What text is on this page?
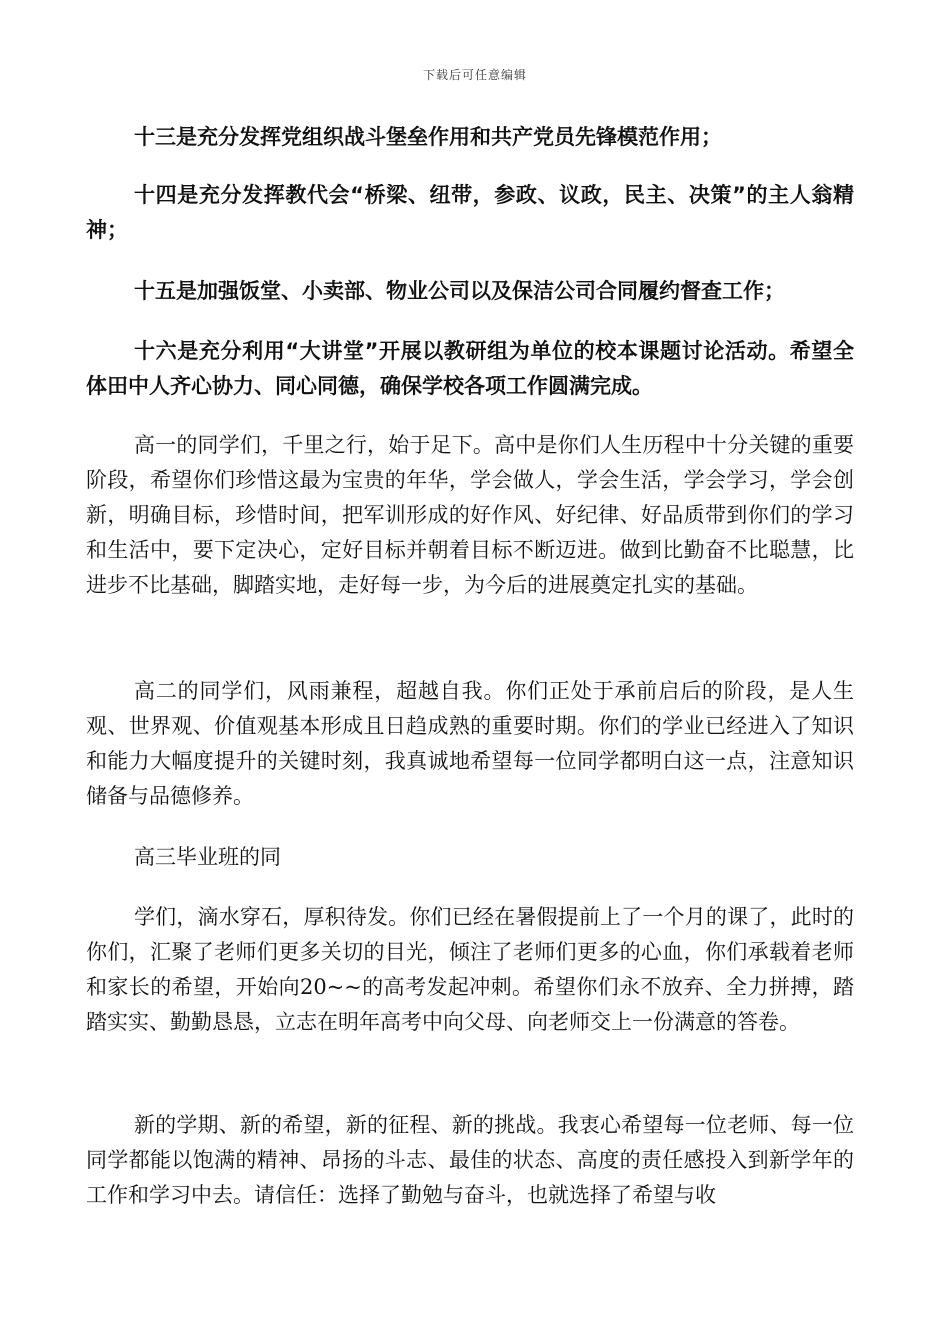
下载后可任意编辑

十三是充分发挥党组织战斗堡垒作用和共产党员先锋模范作用；

十四是充分发挥教代会“桥梁、纽带，参政、议政，民主、决策”的主人翁精神；

十五是加强饭堂、小卖部、物业公司以及保洁公司合同履约督查工作；

十六是充分利用“大讲堂”开展以教研组为单位的校本课题讨论活动。希望全体田中人齐心协力、同心同德，确保学校各项工作圆满完成。

高一的同学们，千里之行，始于足下。高中是你们人生历程中十分关键的重要阶段，希望你们珍惜这最为宝贵的年华，学会做人，学会生活，学会学习，学会创新，明确目标，珍惜时间，把军训形成的好作风、好纪律、好品质带到你们的学习和生活中，要下定决心，定好目标并朝着目标不断迈进。做到比勤奋不比聪慧，比进步不比基础，脚踏实地，走好每一步，为今后的进展奠定扎实的基础。

高二的同学们，风雨兼程，超越自我。你们正处于承前启后的阶段，是人生观、世界观、价值观基本形成且日趋成熟的重要时期。你们的学业已经进入了知识和能力大幅度提升的关键时刻，我真诚地希望每一位同学都明白这一点，注意知识储备与品德修养。

高三毕业班的同

学们，滴水穿石，厚积待发。你们已经在暑假提前上了一个月的课了，此时的你们，汇聚了老师们更多关切的目光，倾注了老师们更多的心血，你们承载着老师和家长的希望，开始向20~~的高考发起冲刺。希望你们永不放弃、全力拼搏，踏踏实实、勤勤恳恳，立志在明年高考中向父母、向老师交上一份满意的答卷。

新的学期、新的希望，新的征程、新的挑战。我衷心希望每一位老师、每一位同学都能以饱满的精神、昂扬的斗志、最佳的状态、高度的责任感投入到新学年的工作和学习中去。请信任：选择了勤勉与奋斗，也就选择了希望与收
